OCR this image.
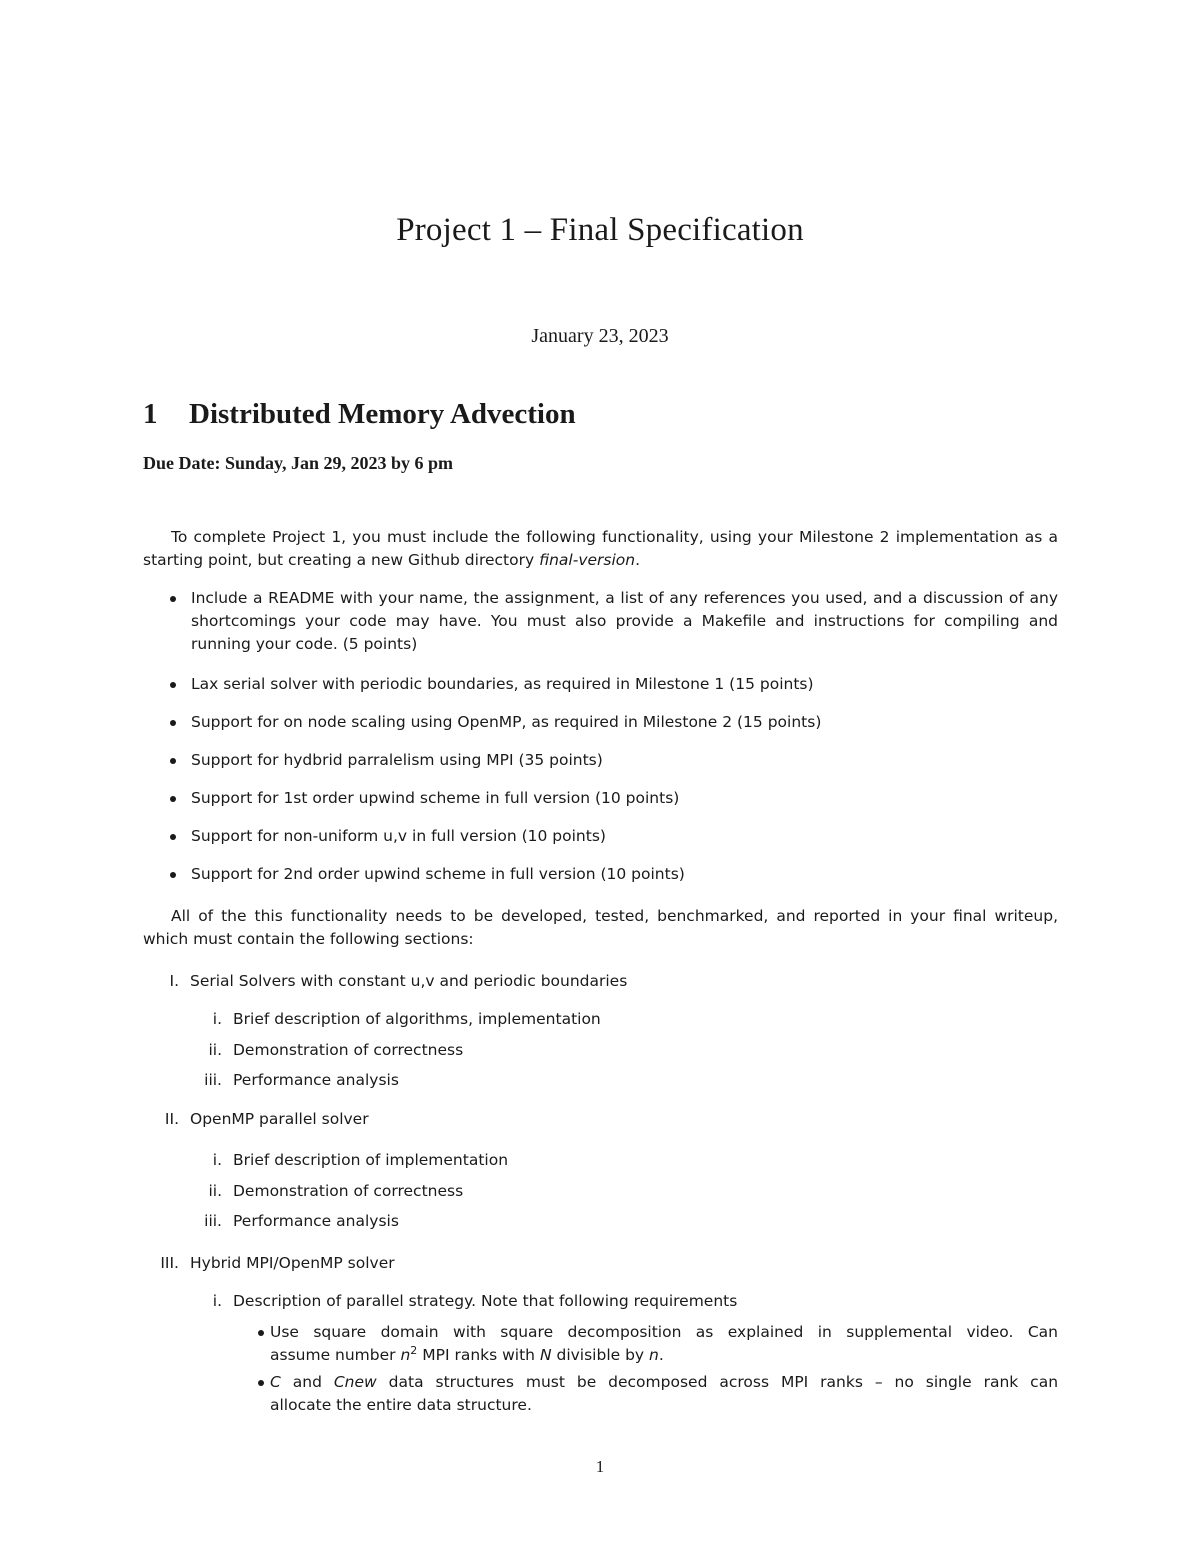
Project 1 – Final Specification
January 23, 2023
1 Distributed Memory Advection
Due Date: Sunday, Jan 29, 2023 by 6 pm
To complete Project 1, you must include the following functionality, using your Milestone 2 implementation as a starting point, but creating a new Github directory final-version.
Include a README with your name, the assignment, a list of any references you used, and a discussion of any shortcomings your code may have. You must also provide a Makefile and instructions for compiling and running your code. (5 points)
Lax serial solver with periodic boundaries, as required in Milestone 1 (15 points)
Support for on node scaling using OpenMP, as required in Milestone 2 (15 points)
Support for hydbrid parralelism using MPI (35 points)
Support for 1st order upwind scheme in full version (10 points)
Support for non-uniform u,v in full version (10 points)
Support for 2nd order upwind scheme in full version (10 points)
All of the this functionality needs to be developed, tested, benchmarked, and reported in your final writeup, which must contain the following sections:
I. Serial Solvers with constant u,v and periodic boundaries
i. Brief description of algorithms, implementation
ii. Demonstration of correctness
iii. Performance analysis
II. OpenMP parallel solver
i. Brief description of implementation
ii. Demonstration of correctness
iii. Performance analysis
III. Hybrid MPI/OpenMP solver
i. Description of parallel strategy. Note that following requirements
Use square domain with square decomposition as explained in supplemental video. Can
assume number $n^2$ MPI ranks with N divisible by n.
C and Cnew data structures must be decomposed across MPI ranks – no single rank can
allocate the entire data structure.
1
